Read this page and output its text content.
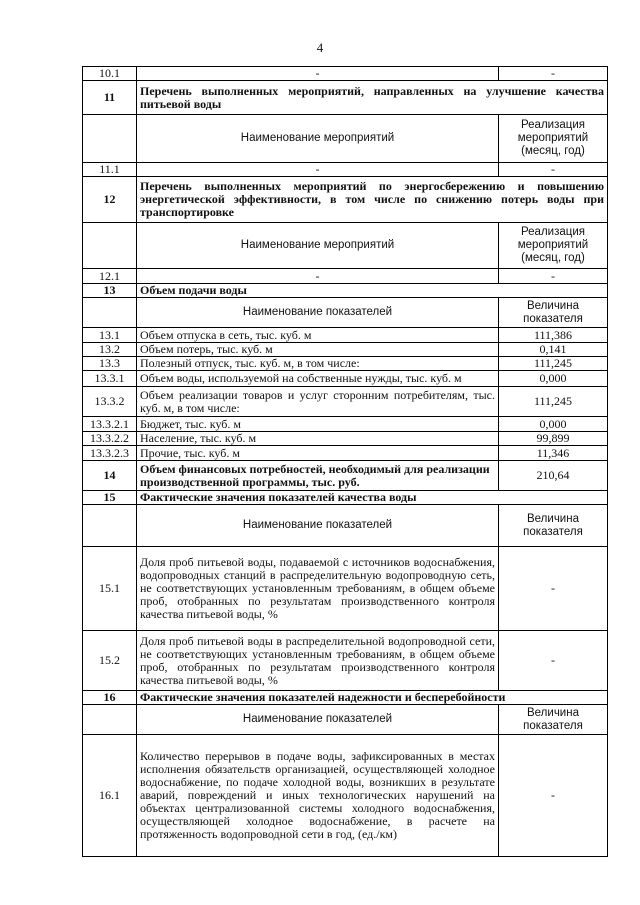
4
10.1	-	-
11	Перечень выполненных мероприятий, направленных на улучшение качества питьевой воды	
	Наименование мероприятий	Реализация мероприятий (месяц, год)
11.1	-	-
12	Перечень выполненных мероприятий по энергосбережению и повышению энергетической эффективности, в том числе по снижению потерь воды при транспортировке	
	Наименование мероприятий	Реализация мероприятий (месяц, год)
12.1	-	-
13	Объем подачи воды	
	Наименование показателей	Величина показателя
13.1	Объем отпуска в сеть, тыс. куб. м	111,386
13.2	Объем потерь, тыс. куб. м	0,141
13.3	Полезный отпуск, тыс. куб. м, в том числе:	111,245
13.3.1	Объем воды, используемой на собственные нужды, тыс. куб. м	0,000
13.3.2	Объем реализации товаров и услуг сторонним потребителям, тыс. куб. м, в том числе:	111,245
13.3.2.1	Бюджет, тыс. куб. м	0,000
13.3.2.2	Население, тыс. куб. м	99,899
13.3.2.3	Прочие, тыс. куб. м	11,346
14	Объем финансовых потребностей, необходимый для реализации производственной программы, тыс. руб.	210,64
15	Фактические значения показателей качества воды	
	Наименование показателей	Величина показателя
15.1	Доля проб питьевой воды, подаваемой с источников водоснабжения, водопроводных станций в распределительную водопроводную сеть, не соответствующих установленным требованиям, в общем объеме проб, отобранных по результатам производственного контроля качества питьевой воды, %	-
15.2	Доля проб питьевой воды в распределительной водопроводной сети, не соответствующих установленным требованиям, в общем объеме проб, отобранных по результатам производственного контроля качества питьевой воды, %	-
16	Фактические значения показателей надежности и бесперебойности	
	Наименование показателей	Величина показателя
16.1	Количество перерывов в подаче воды, зафиксированных в местах исполнения обязательств организацией, осуществляющей холодное водоснабжение, по подаче холодной воды, возникших в результате аварий, повреждений и иных технологических нарушений на объектах централизованной системы холодного водоснабжения, осуществляющей холодное водоснабжение, в расчете на протяженность водопроводной сети в год, (ед./км)	-
